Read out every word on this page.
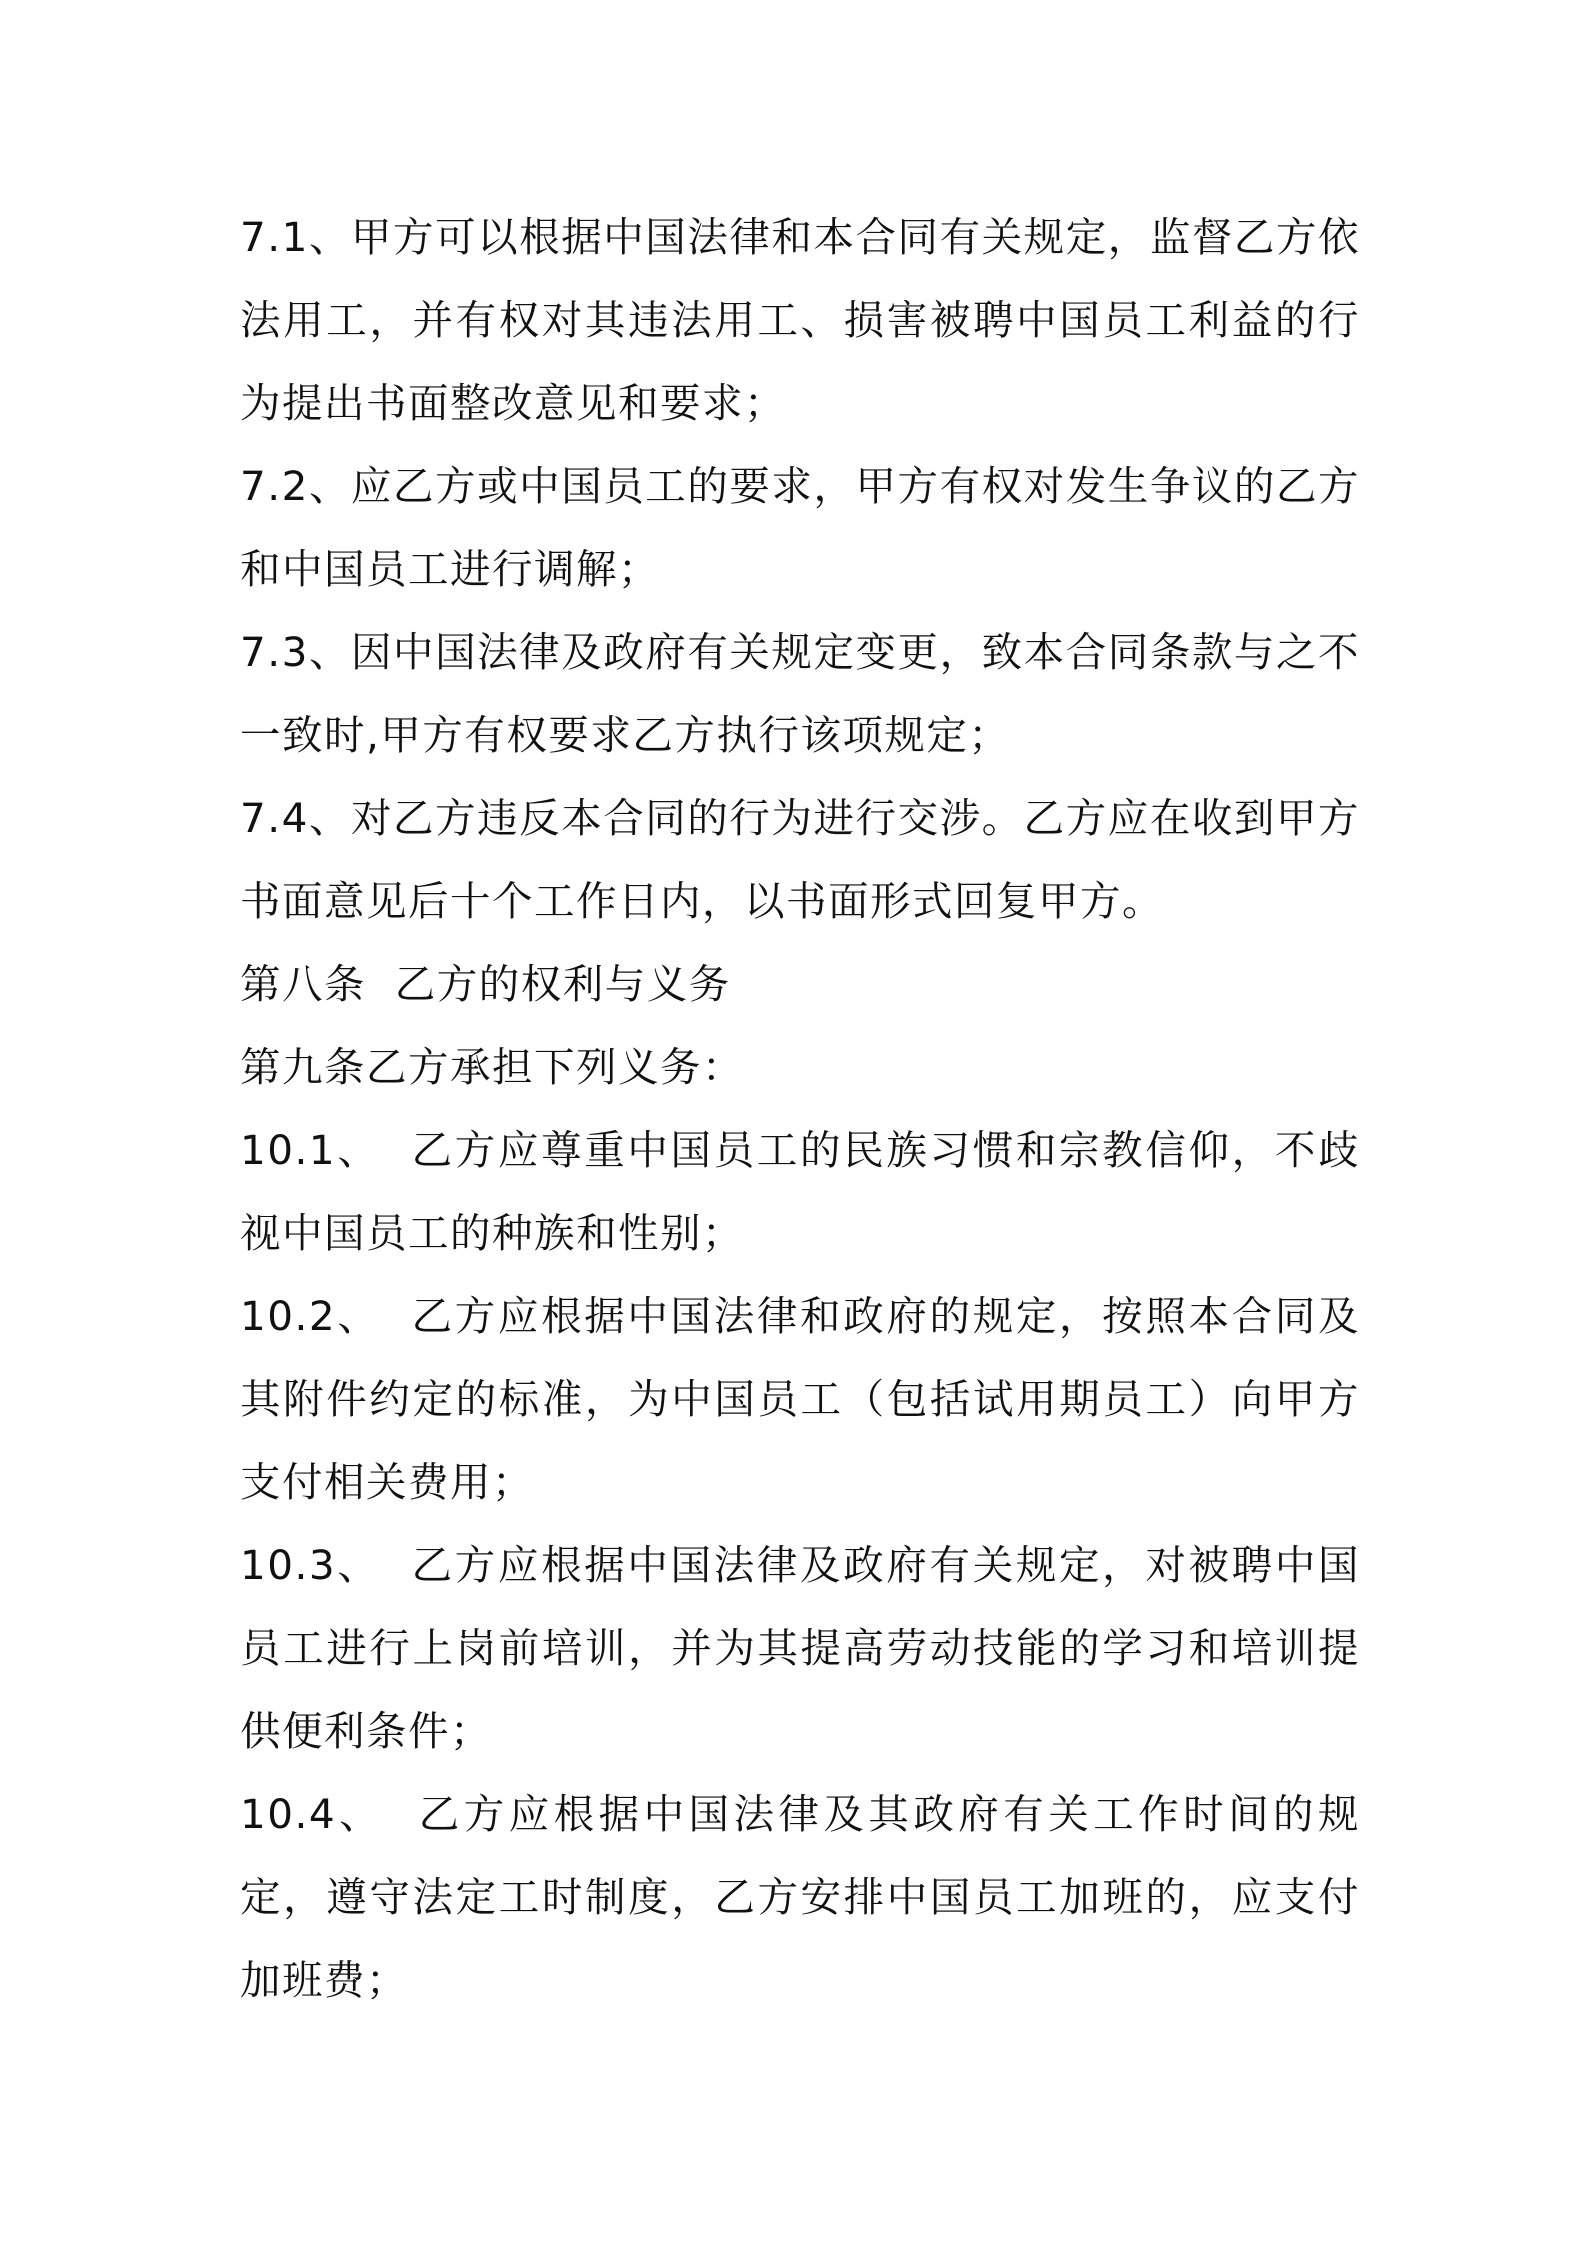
7.1、甲方可以根据中国法律和本合同有关规定，监督乙方依法用工，并有权对其违法用工、损害被聘中国员工利益的行为提出书面整改意见和要求；

7.2、应乙方或中国员工的要求，甲方有权对发生争议的乙方和中国员工进行调解；

7.3、因中国法律及政府有关规定变更，致本合同条款与之不一致时,甲方有权要求乙方执行该项规定；

7.4、对乙方违反本合同的行为进行交涉。乙方应在收到甲方书面意见后十个工作日内，以书面形式回复甲方。

第八条  乙方的权利与义务

第九条乙方承担下列义务：

10.1、  乙方应尊重中国员工的民族习惯和宗教信仰，不歧视中国员工的种族和性别；

10.2、  乙方应根据中国法律和政府的规定，按照本合同及其附件约定的标准，为中国员工（包括试用期员工）向甲方支付相关费用；

10.3、  乙方应根据中国法律及政府有关规定，对被聘中国员工进行上岗前培训，并为其提高劳动技能的学习和培训提供便利条件；

10.4、  乙方应根据中国法律及其政府有关工作时间的规定，遵守法定工时制度，乙方安排中国员工加班的，应支付加班费；
